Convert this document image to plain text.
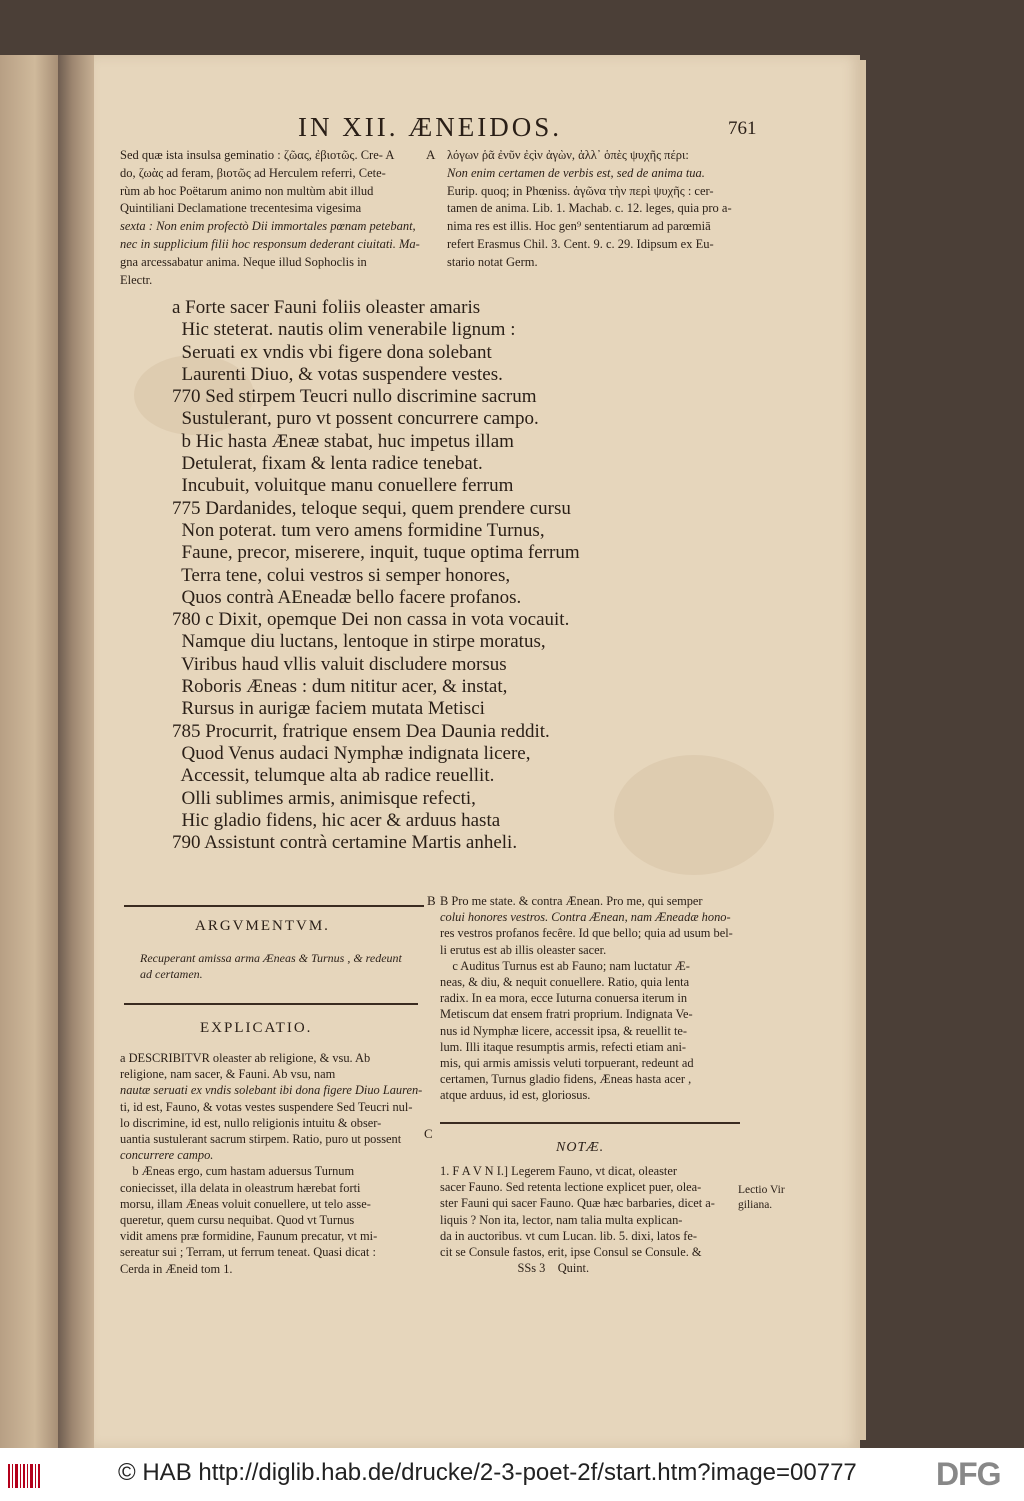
IN XII. ÆNEIDOS.	761
Sed quæ ista insulsa geminatio : ζῶας, ἐβιοτῶς. Cre- A
do, ζωὰς ad feram, βιοτῶς ad Herculem referri, Cete-
rùm ab hoc Poëtarum animo non multùm abit illud
Quintiliani Declamatione trecentesima vigesima
sexta : Non enim profectò Dii immortales pœnam petebant,
nec in supplicium filii hoc responsum dederant ciuitati. Ma-
gna arcessabatur anima. Neque illud Sophoclis in
Electr.
λόγων ῥᾶ ἐνῦν ἐςὶν ἀγὼν, ἀλλ᾽ ὁπὲς ψυχῆς πέρι:
Non enim certamen de verbis est, sed de anima tua.
Eurip. quoq; in Phœniss. ἀγῶνα τὴν περὶ ψυχῆς : cer-
tamen de anima. Lib. 1. Machab. c. 12. leges, quia pro a-
nima res est illis. Hoc gen⁹ sententiarum ad parœmiā
refert Erasmus Chil. 3. Cent. 9. c. 29. Idipsum ex Eu-
stario notat Germ.
a Forte sacer Fauni foliis oleaster amaris
Hic steterat. nautis olim venerabile lignum :
Seruati ex vndis vbi figere dona solebant
Laurenti Diuo, & votas suspendere vestes.
770 Sed stirpem Teucri nullo discrimine sacrum
Sustulerant, puro vt possent concurrere campo.
b Hic hasta Æneæ stabat, huc impetus illam
Detulerat, fixam & lenta radice tenebat.
Incubuit, voluitque manu conuellere ferrum
775 Dardanides, teloque sequi, quem prendere cursu
Non poterat. tum vero amens formidine Turnus,
Faune, precor, miserere, inquit, tuque optima ferrum
Terra tene, colui vestros si semper honores,
Quos contrà AEneadæ bello facere profanos.
780 c Dixit, opemque Dei non cassa in vota vocauit.
Namque diu luctans, lentoque in stirpe moratus,
Viribus haud vllis valuit discludere morsus
Roboris Æneas : dum nititur acer, & instat,
Rursus in aurigæ faciem mutata Metisci
785 Procurrit, fratrique ensem Dea Daunia reddit.
Quod Venus audaci Nymphæ indignata licere,
Accessit, telumque alta ab radice reuellit.
Olli sublimes armis, animisque refecti,
Hic gladio fidens, hic acer & arduus hasta
790 Assistunt contrà certamine Martis anheli.
A
B
C
ARGVMENTVM.
Recuperant amissa arma Æneas & Turnus , & redeunt
ad certamen.
EXPLICATIO.
a DESCRIBITVR oleaster ab religione, & vsu. Ab
religione, nam sacer, & Fauni. Ab vsu, nam
nautæ seruati ex vndis solebant ibi dona figere Diuo Lauren-
ti, id est, Fauno, & votas vestes suspendere Sed Teucri nul-
lo discrimine, id est, nullo religionis intuitu & obser-
uantia sustulerant sacrum stirpem. Ratio, puro ut possent
concurrere campo.
b Æneas ergo, cum hastam aduersus Turnum
coniecisset, illa delata in oleastrum hærebat forti
morsu, illam Æneas voluit conuellere, ut telo asse-
queretur, quem cursu nequibat. Quod vt Turnus
vidit amens præ formidine, Faunum precatur, vt mi-
sereatur sui ; Terram, ut ferrum teneat. Quasi dicat :
Cerda in Æneid tom 1.
B Pro me state. & contra Ænean. Pro me, qui semper
colui honores vestros. Contra Ænean, nam Æneadæ hono-
res vestros profanos fecêre. Id que bello; quia ad usum bel-
li erutus est ab illis oleaster sacer.
c Auditus Turnus est ab Fauno; nam luctatur Æ-
neas, & diu, & nequit conuellere. Ratio, quia lenta
radix. In ea mora, ecce Iuturna conuersa iterum in
Metiscum dat ensem fratri proprium. Indignata Ve-
nus id Nymphæ licere, accessit ipsa, & reuellit te-
lum. Illi itaque resumptis armis, refecti etiam ani-
mis, qui armis amissis veluti torpuerant, redeunt ad
certamen, Turnus gladio fidens, Æneas hasta acer ,
atque arduus, id est, gloriosus.
NOTÆ.
1. F A V N I.] Legerem Fauno, vt dicat, oleaster
sacer Fauno. Sed retenta lectione explicet puer, olea-
ster Fauni qui sacer Fauno. Quæ hæc barbaries, dicet a-
liquis ? Non ita, lector, nam talia multa explican-
da in auctoribus. vt cum Lucan. lib. 5. dixi, latos fe-
cit se Consule fastos, erit, ipse Consul se Consule. &
SSs 3    Quint.
Lectio Vir
giliana.
© HAB http://diglib.hab.de/drucke/2-3-poet-2f/start.htm?image=00777 DFG
